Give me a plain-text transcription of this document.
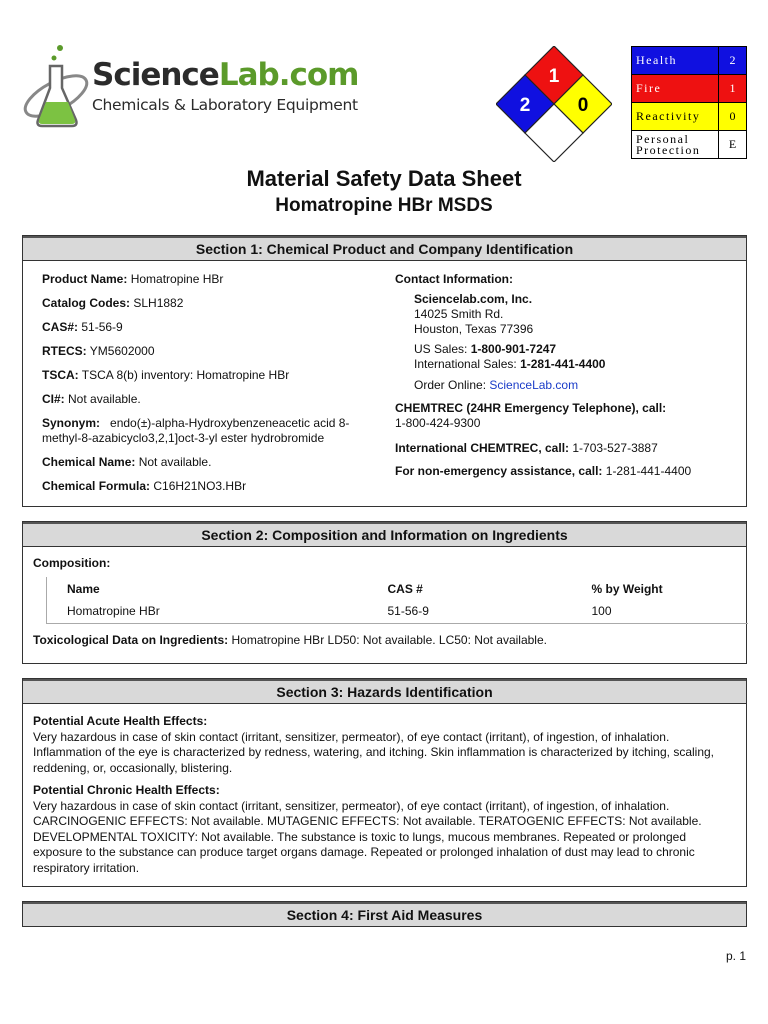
ScienceLab.com
Chemicals & Laboratory Equipment
1
2 0
Health	2
Fire	1
Reactivity	0
Personal
Protection	E
Material Safety Data Sheet
Homatropine HBr MSDS
Section 1: Chemical Product and Company Identification
Product Name: Homatropine HBr
Catalog Codes: SLH1882
CAS#: 51-56-9
RTECS: YM5602000
TSCA: TSCA 8(b) inventory: Homatropine HBr
CI#: Not available.
Synonym: endo(±)-alpha-Hydroxybenzeneacetic acid 8-
methyl-8-azabicyclo3,2,1]oct-3-yl ester hydrobromide
Chemical Name: Not available.
Chemical Formula: C16H21NO3.HBr
Contact Information:
Sciencelab.com, Inc.
14025 Smith Rd.
Houston, Texas 77396
US Sales: 1-800-901-7247
International Sales: 1-281-441-4400
Order Online: ScienceLab.com
CHEMTREC (24HR Emergency Telephone), call:
1-800-424-9300
International CHEMTREC, call: 1-703-527-3887
For non-emergency assistance, call: 1-281-441-4400
Section 2: Composition and Information on Ingredients
Composition:
Name	CAS #	% by Weight
Homatropine HBr	51-56-9	100
Toxicological Data on Ingredients: Homatropine HBr LD50: Not available. LC50: Not available.
Section 3: Hazards Identification
Potential Acute Health Effects:
Very hazardous in case of skin contact (irritant, sensitizer, permeator), of eye contact (irritant), of ingestion, of inhalation. Inflammation of the eye is characterized by redness, watering, and itching. Skin inflammation is characterized by itching, scaling, reddening, or, occasionally, blistering.
Potential Chronic Health Effects:
Very hazardous in case of skin contact (irritant, sensitizer, permeator), of eye contact (irritant), of ingestion, of inhalation. CARCINOGENIC EFFECTS: Not available. MUTAGENIC EFFECTS: Not available. TERATOGENIC EFFECTS: Not available. DEVELOPMENTAL TOXICITY: Not available. The substance is toxic to lungs, mucous membranes. Repeated or prolonged exposure to the substance can produce target organs damage. Repeated or prolonged inhalation of dust may lead to chronic respiratory irritation.
Section 4: First Aid Measures
p. 1
